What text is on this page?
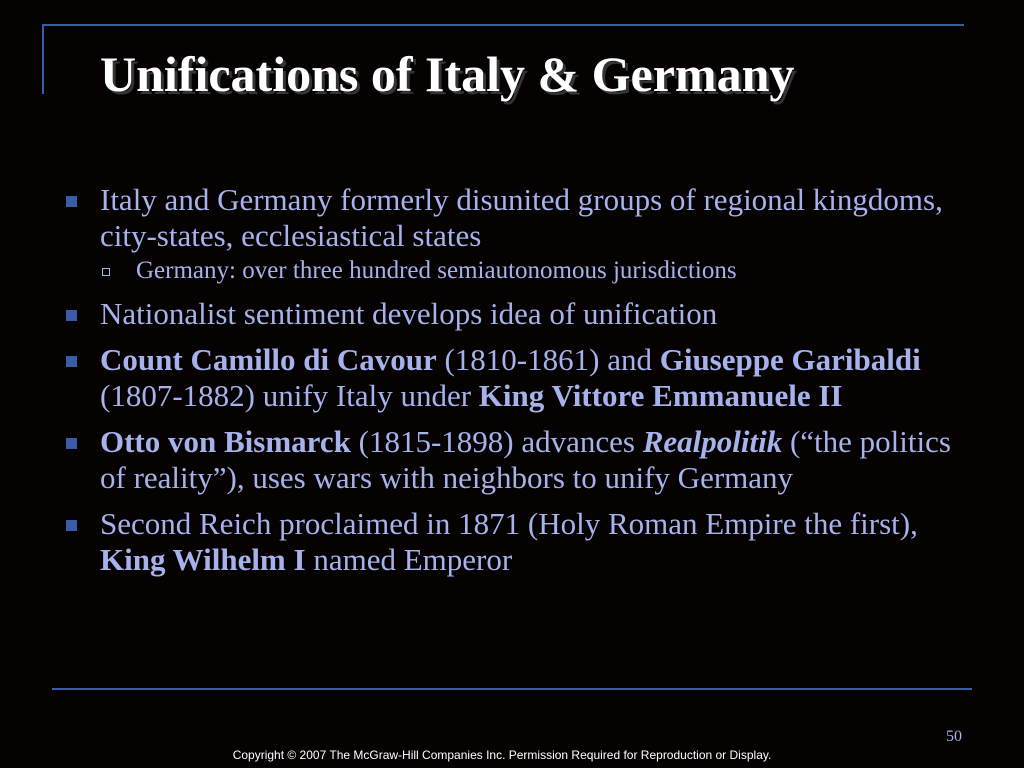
Unifications of Italy & Germany
Italy and Germany formerly disunited groups of regional kingdoms, city-states, ecclesiastical states
Germany: over three hundred semiautonomous jurisdictions
Nationalist sentiment develops idea of unification
Count Camillo di Cavour (1810-1861) and Giuseppe Garibaldi (1807-1882) unify Italy under King Vittore Emmanuele II
Otto von Bismarck (1815-1898) advances Realpolitik (“the politics of reality”), uses wars with neighbors to unify Germany
Second Reich proclaimed in 1871 (Holy Roman Empire the first), King Wilhelm I named Emperor
50
Copyright © 2007 The McGraw-Hill Companies Inc. Permission Required for Reproduction or Display.
